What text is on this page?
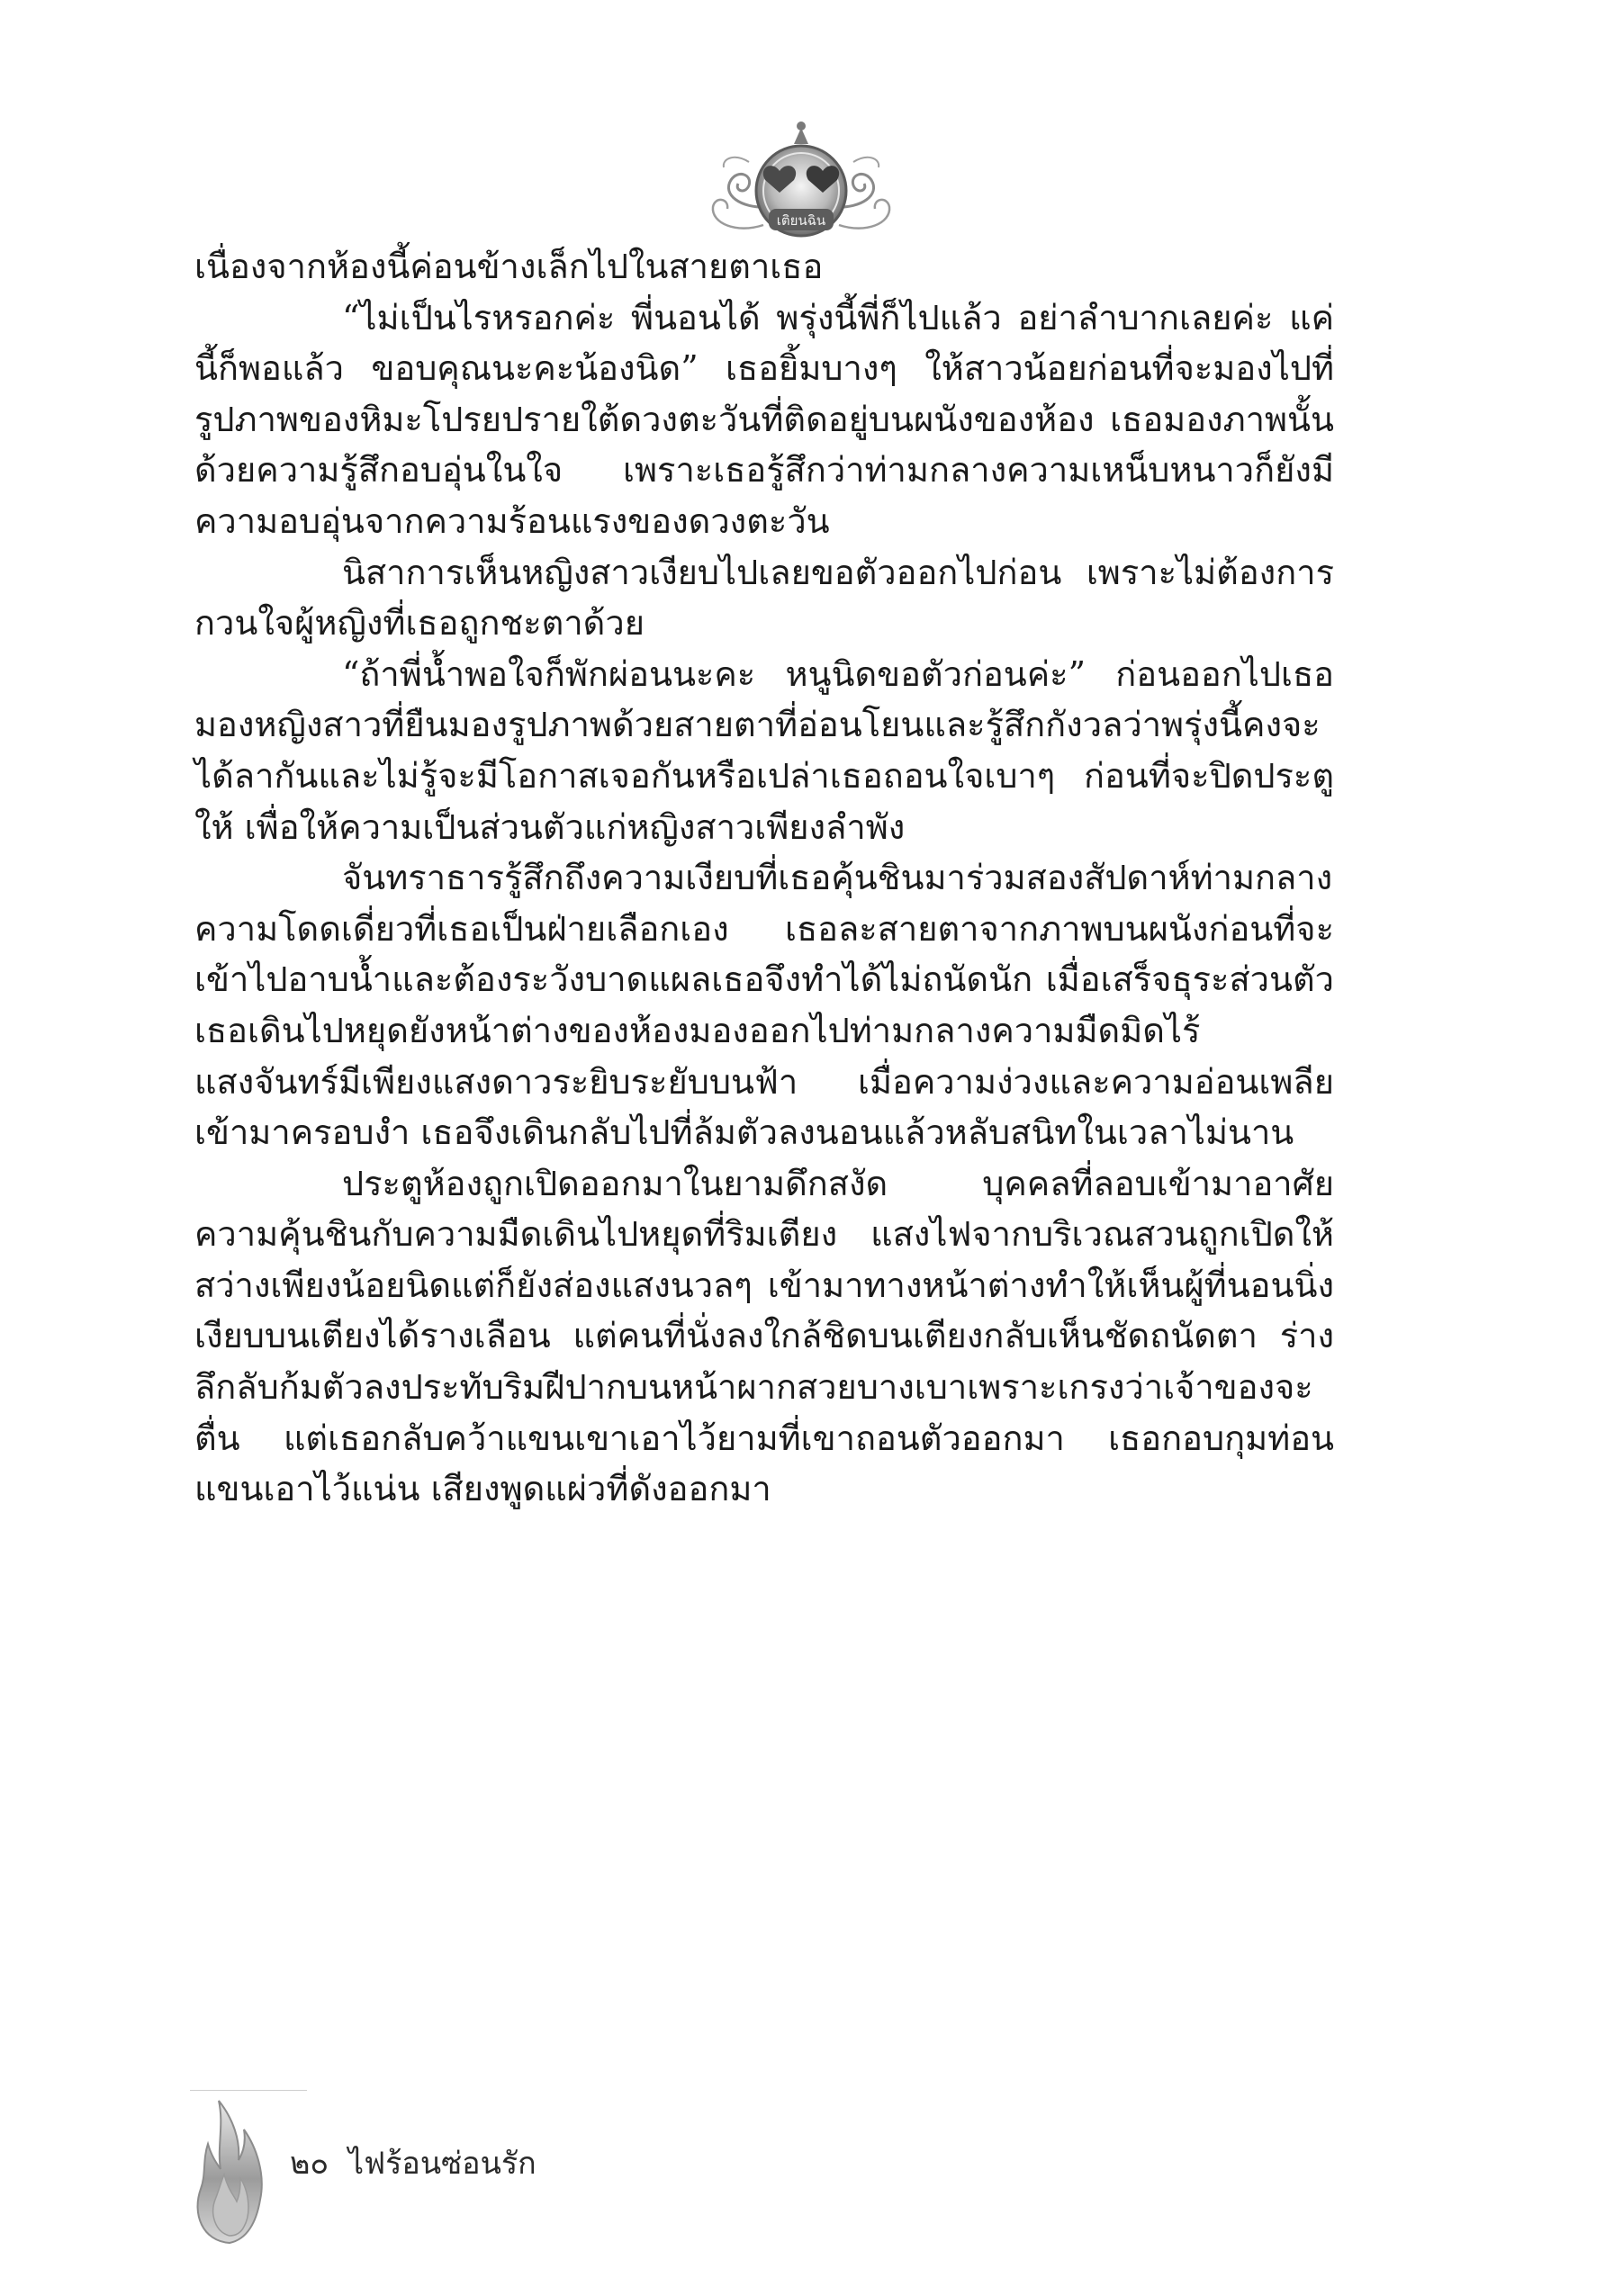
เติยนฉิน

เนื่องจากห้องนี้ค่อนข้างเล็กไปในสายตาเธอ

“ไม่เป็นไรหรอกค่ะ พี่นอนได้ พรุ่งนี้พี่ก็ไปแล้ว อย่าลำบากเลยค่ะ แค่นี้ก็พอแล้ว ขอบคุณนะคะน้องนิด” เธอยิ้มบางๆ ให้สาวน้อยก่อนที่จะมองไปที่รูปภาพของหิมะโปรยปรายใต้ดวงตะวันที่ติดอยู่บนผนังของห้อง เธอมองภาพนั้นด้วยความรู้สึกอบอุ่นในใจ เพราะเธอรู้สึกว่าท่ามกลางความเหน็บหนาวก็ยังมีความอบอุ่นจากความร้อนแรงของดวงตะวัน

นิสาการเห็นหญิงสาวเงียบไปเลยขอตัวออกไปก่อน เพราะไม่ต้องการกวนใจผู้หญิงที่เธอถูกชะตาด้วย

“ถ้าพี่น้ำพอใจก็พักผ่อนนะคะ หนูนิดขอตัวก่อนค่ะ” ก่อนออกไปเธอมองหญิงสาวที่ยืนมองรูปภาพด้วยสายตาที่อ่อนโยนและรู้สึกกังวลว่าพรุ่งนี้คงจะได้ลากันและไม่รู้จะมีโอกาสเจอกันหรือเปล่าเธอถอนใจเบาๆ ก่อนที่จะปิดประตูให้ เพื่อให้ความเป็นส่วนตัวแก่หญิงสาวเพียงลำพัง

จันทราธารรู้สึกถึงความเงียบที่เธอคุ้นชินมาร่วมสองสัปดาห์ท่ามกลางความโดดเดี่ยวที่เธอเป็นฝ่ายเลือกเอง เธอละสายตาจากภาพบนผนังก่อนที่จะเข้าไปอาบน้ำและต้องระวังบาดแผลเธอจึงทำได้ไม่ถนัดนัก เมื่อเสร็จธุระส่วนตัวเธอเดินไปหยุดยังหน้าต่างของห้องมองออกไปท่ามกลางความมืดมิดไร้แสงจันทร์มีเพียงแสงดาวระยิบระยับบนฟ้า เมื่อความง่วงและความอ่อนเพลียเข้ามาครอบงำ เธอจึงเดินกลับไปที่ล้มตัวลงนอนแล้วหลับสนิทในเวลาไม่นาน

ประตูห้องถูกเปิดออกมาในยามดึกสงัด บุคคลที่ลอบเข้ามาอาศัยความคุ้นชินกับความมืดเดินไปหยุดที่ริมเตียง แสงไฟจากบริเวณสวนถูกเปิดให้สว่างเพียงน้อยนิดแต่ก็ยังส่องแสงนวลๆ เข้ามาทางหน้าต่างทำให้เห็นผู้ที่นอนนิ่งเงียบบนเตียงได้รางเลือน แต่คนที่นั่งลงใกล้ชิดบนเตียงกลับเห็นชัดถนัดตา ร่างลึกลับก้มตัวลงประทับริมฝีปากบนหน้าผากสวยบางเบาเพราะเกรงว่าเจ้าของจะตื่น แต่เธอกลับคว้าแขนเขาเอาไว้ยามที่เขาถอนตัวออกมา เธอกอบกุมท่อนแขนเอาไว้แน่น เสียงพูดแผ่วที่ดังออกมา

๒๐ ไฟร้อนซ่อนรัก
